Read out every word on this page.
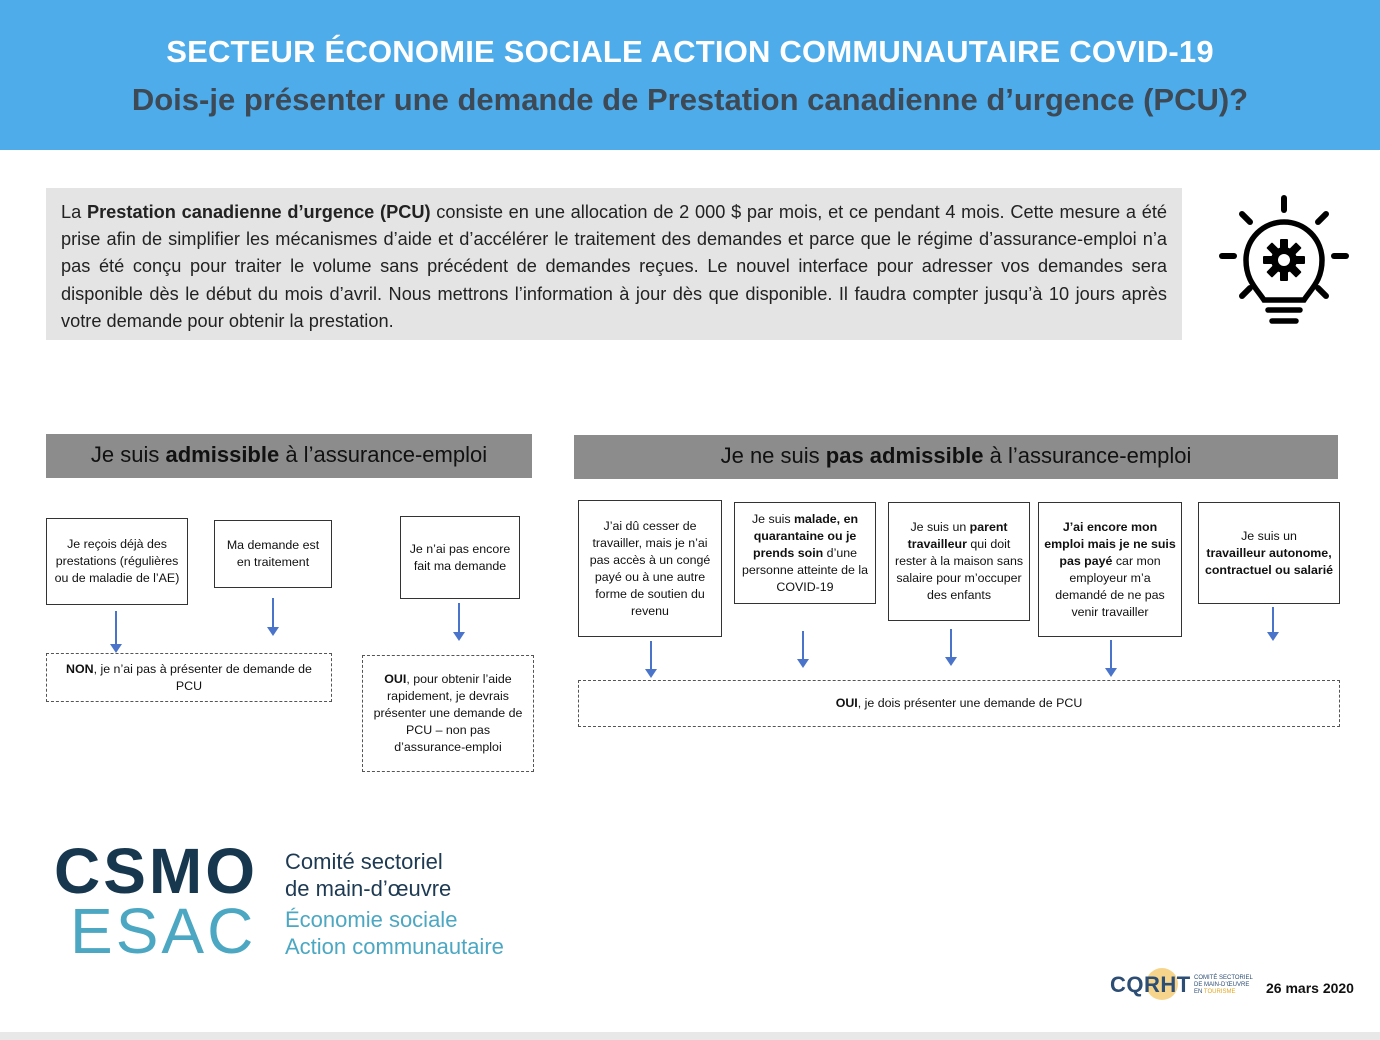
SECTEUR ÉCONOMIE SOCIALE ACTION COMMUNAUTAIRE COVID-19
Dois-je présenter une demande de Prestation canadienne d’urgence (PCU)?
La Prestation canadienne d’urgence (PCU) consiste en une allocation de 2 000 $ par mois, et ce pendant 4 mois. Cette mesure a été prise afin de simplifier les mécanismes d’aide et d’accélérer le traitement des demandes et parce que le régime d’assurance-emploi n’a pas été conçu pour traiter le volume sans précédent de demandes reçues. Le nouvel interface pour adresser vos demandes sera disponible dès le début du mois d’avril. Nous mettrons l’information à jour dès que disponible. Il faudra compter jusqu’à 10 jours après votre demande pour obtenir la prestation.
Je suis admissible à l’assurance-emploi
Je reçois déjà des prestations (régulières ou de maladie de l’AE)
Ma demande est en traitement
Je n’ai pas encore fait ma demande
NON, je n’ai pas à présenter de demande de PCU	OUI, pour obtenir l’aide rapidement, je devrais présenter une demande de PCU – non pas d’assurance-emploi
Je ne suis pas admissible à l’assurance-emploi
J’ai dû cesser de travailler, mais je n’ai pas accès à un congé payé ou à une autre forme de soutien du revenu
Je suis malade, en quarantaine ou je prends soin d’une personne atteinte de la COVID-19
Je suis un parent travailleur qui doit rester à la maison sans salaire pour m’occuper des enfants
J’ai encore mon emploi mais je ne suis pas payé car mon employeur m’a demandé de ne pas venir travailler
Je suis un
travailleur autonome, contractuel ou salarié
OUI, je dois présenter une demande de PCU
CSMO
ESAC
Comité sectoriel
de main-d’œuvre
Économie sociale
Action communautaire
CQRHT COMITÉ SECTORIEL DE MAIN-D’ŒUVRE EN TOURISME	26 mars 2020
